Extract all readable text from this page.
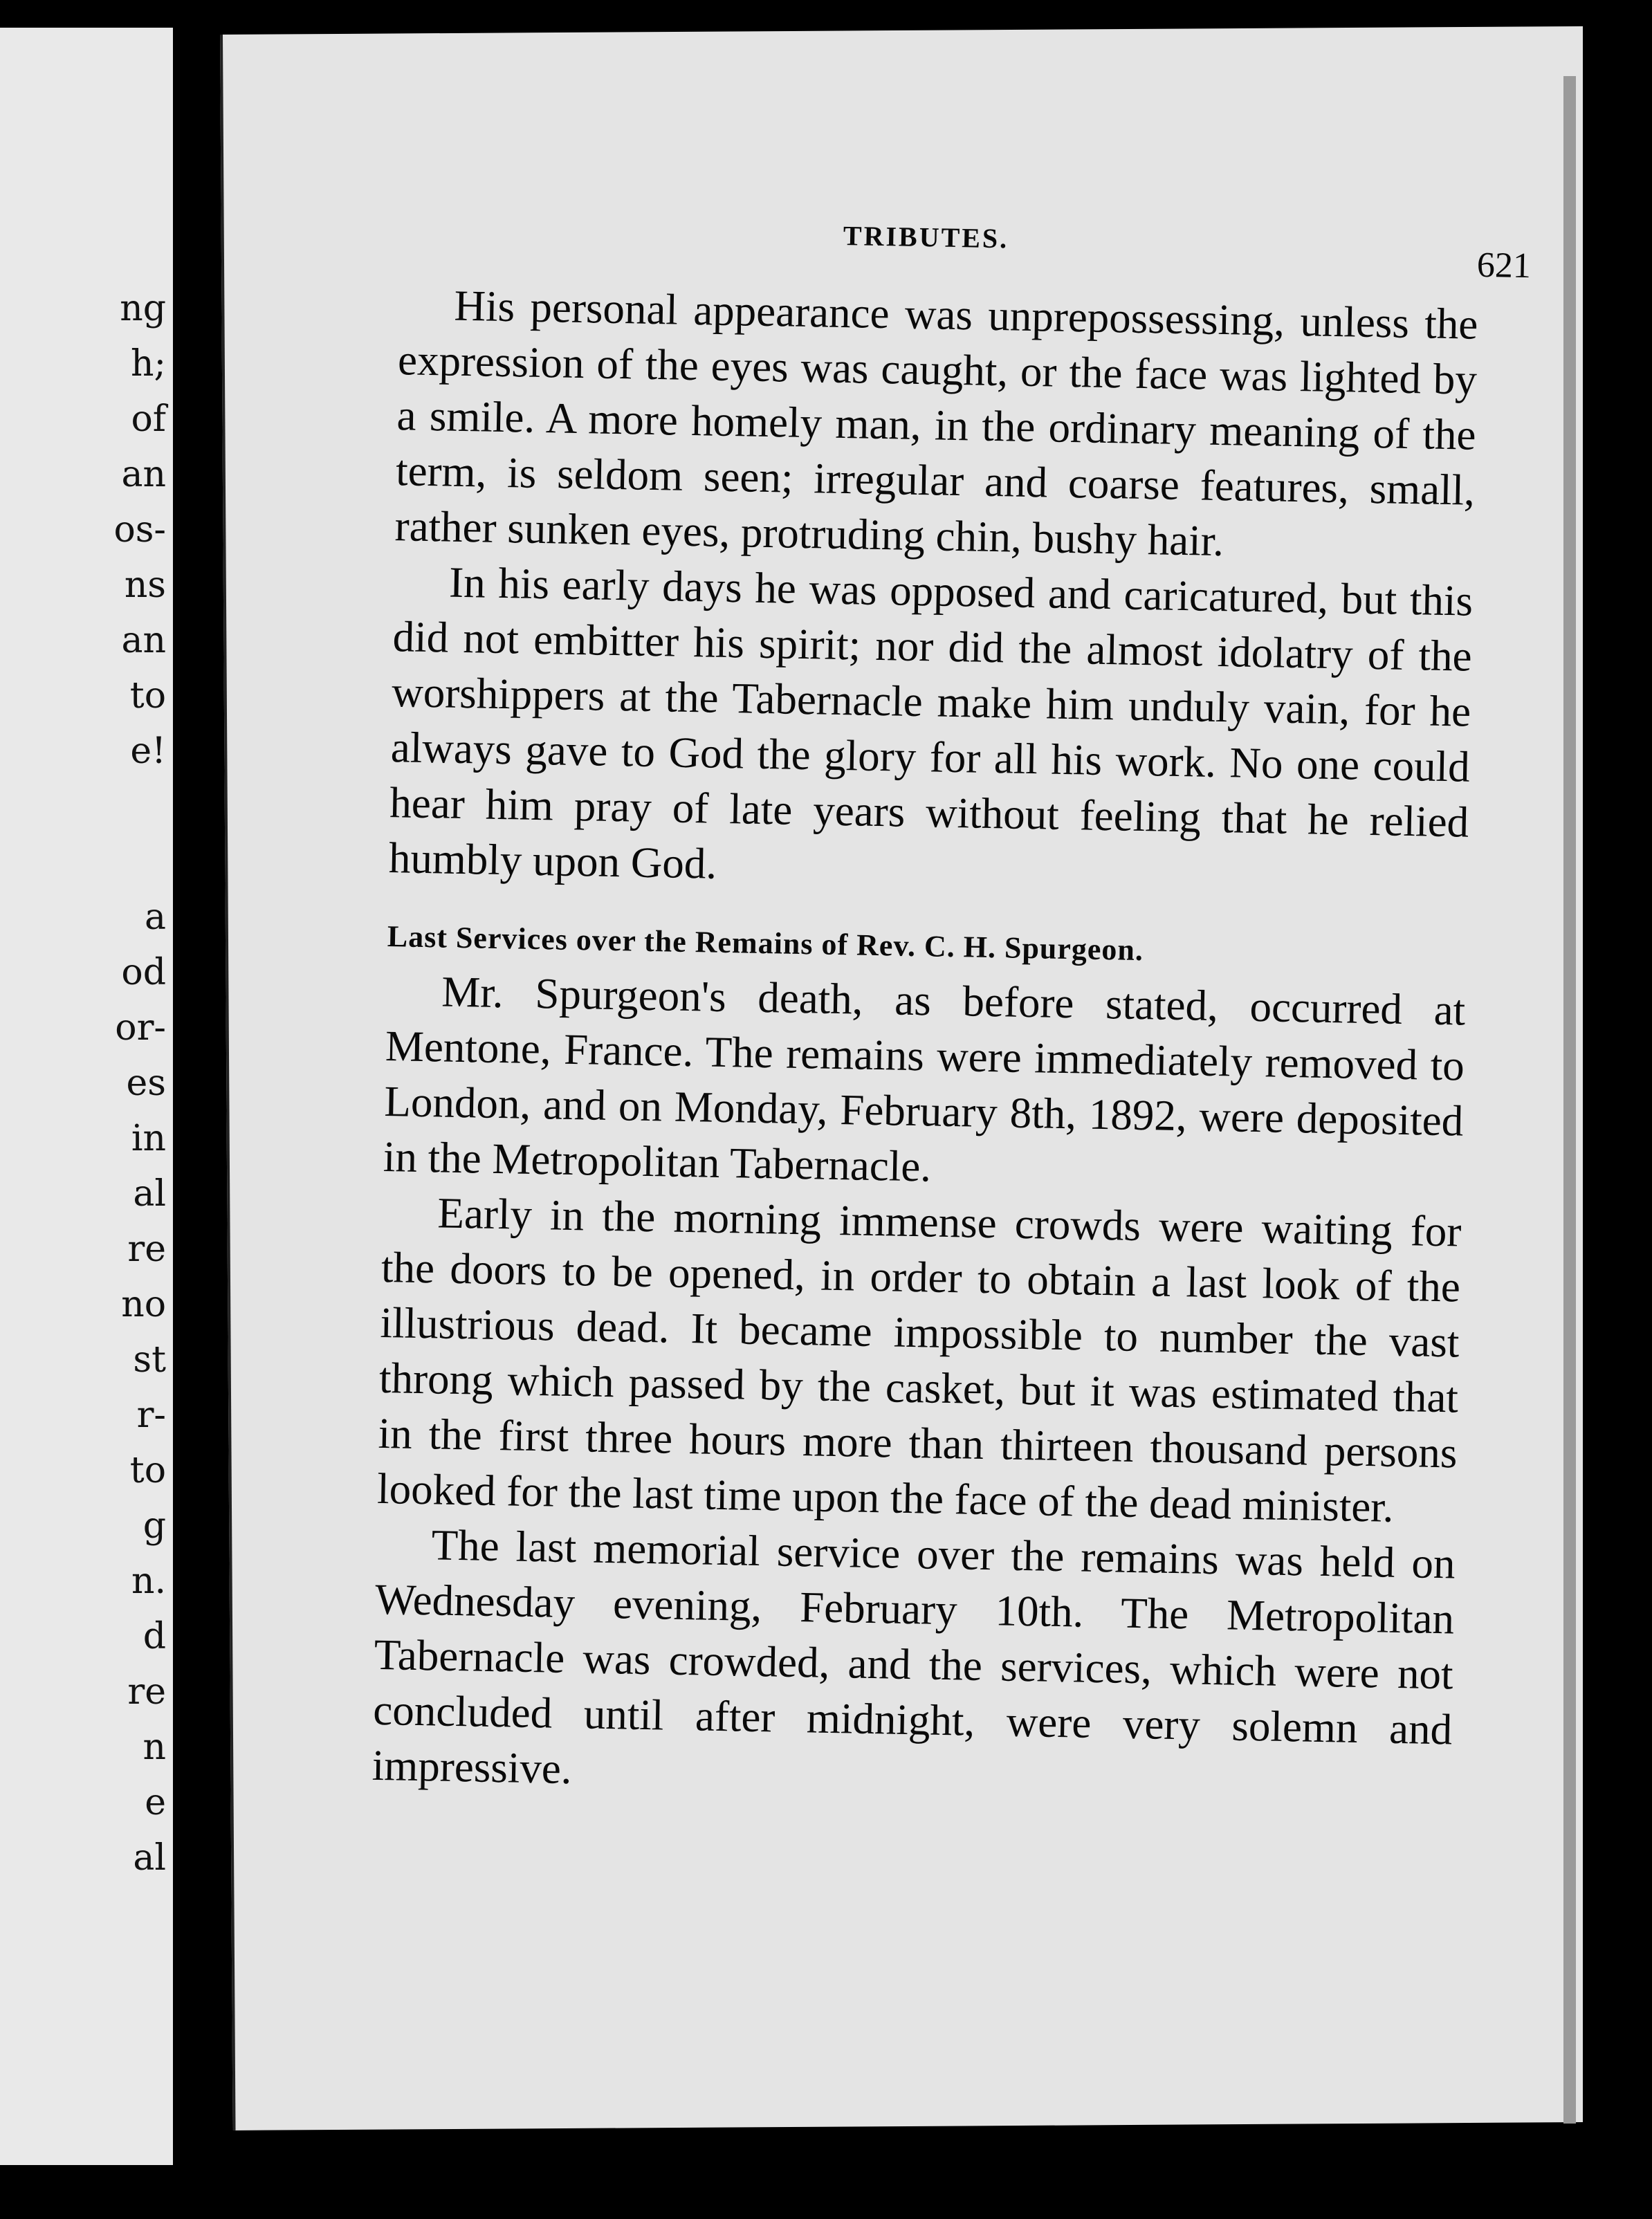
ng
h;
of
an
os-
ns
an
to
e!
a
od
or-
es
in
al
re
no
st
r-
to
g
n.
d
re
n
e
al
TRIBUTES.
621

His personal appearance was unprepossessing, unless the expression of the eyes was caught, or the face was lighted by a smile. A more homely man, in the ordinary meaning of the term, is seldom seen; irregular and coarse features, small, rather sunken eyes, protruding chin, bushy hair.

In his early days he was opposed and caricatured, but this did not embitter his spirit; nor did the almost idolatry of the worshippers at the Tabernacle make him unduly vain, for he always gave to God the glory for all his work. No one could hear him pray of late years without feeling that he relied humbly upon God.

Last Services over the Remains of Rev. C. H. Spurgeon.

Mr. Spurgeon's death, as before stated, occurred at Mentone, France. The remains were immediately removed to London, and on Monday, February 8th, 1892, were deposited in the Metropolitan Tabernacle.

Early in the morning immense crowds were waiting for the doors to be opened, in order to obtain a last look of the illustrious dead. It became impossible to number the vast throng which passed by the casket, but it was estimated that in the first three hours more than thirteen thousand persons looked for the last time upon the face of the dead minister.

The last memorial service over the remains was held on Wednesday evening, February 10th. The Metropolitan Tabernacle was crowded, and the services, which were not concluded until after midnight, were very solemn and impressive.
